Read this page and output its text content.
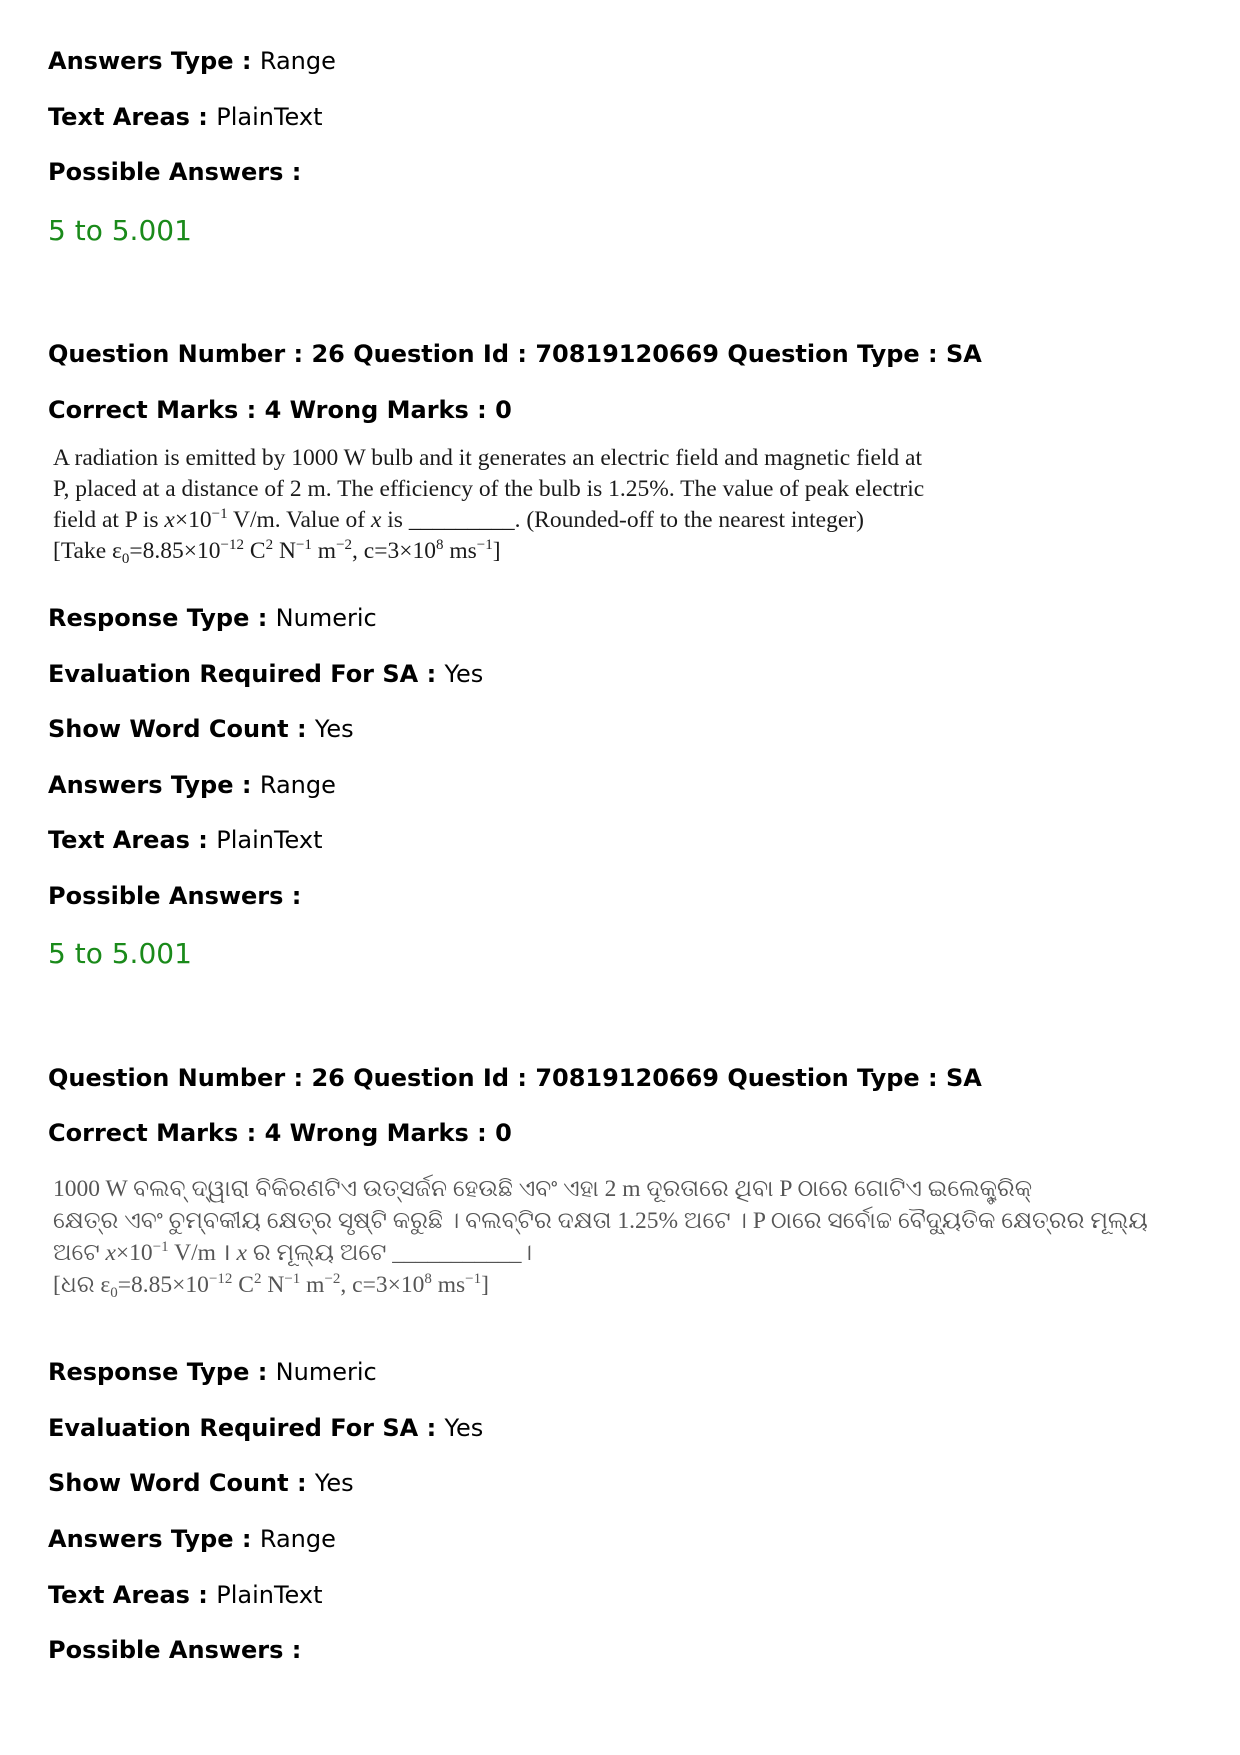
Answers Type : Range
Text Areas : PlainText
Possible Answers :
5 to 5.001
Question Number : 26 Question Id : 70819120669 Question Type : SA
Correct Marks : 4 Wrong Marks : 0
A radiation is emitted by 1000 W bulb and it generates an electric field and magnetic field at
P, placed at a distance of 2 m. The efficiency of the bulb is 1.25%. The value of peak electric
field at P is $x\times 10^{-1}$ V/m. Value of x is _________. (Rounded-off to the nearest integer)
[Take $\varepsilon_0=8.85\times 10^{-12}$ $C^2$ $N^{-1}$ $m^{-2}$, $c=3\times 10^8$ $ms^{-1}$]
Response Type : Numeric
Evaluation Required For SA : Yes
Show Word Count : Yes
Answers Type : Range
Text Areas : PlainText
Possible Answers :
5 to 5.001
Question Number : 26 Question Id : 70819120669 Question Type : SA
Correct Marks : 4 Wrong Marks : 0
1000 W ବଲବ୍ ଦ୍ୱାରା ବିକିରଣଟିଏ ଉତ୍ସର୍ଜନ ହେଉଛି ଏବଂ ଏହା 2 m ଦୂରତାରେ ଥିବା P ଠାରେ ଗୋଟିଏ ଇଲେକ୍ଟ୍ରିକ୍
କ୍ଷେତ୍ର ଏବଂ ଚୁମ୍ବକୀୟ କ୍ଷେତ୍ର ସୃଷ୍ଟି କରୁଛି । ବଲବ୍‌ଟିର ଦକ୍ଷତା 1.25% ଅଟେ । P ଠାରେ ସର୍ବୋଚ୍ଚ ବୈଦ୍ୟୁତିକ କ୍ଷେତ୍ରର ମୂଲ୍ୟ
ଅଟେ $x\times 10^{-1}$ V/m । x ର ମୂଲ୍ୟ ଅଟେ ___________।
[ଧର $\varepsilon_0=8.85\times 10^{-12}$ $C^2$ $N^{-1}$ $m^{-2}$, $c=3\times 10^8$ $ms^{-1}$]
Response Type : Numeric
Evaluation Required For SA : Yes
Show Word Count : Yes
Answers Type : Range
Text Areas : PlainText
Possible Answers :
